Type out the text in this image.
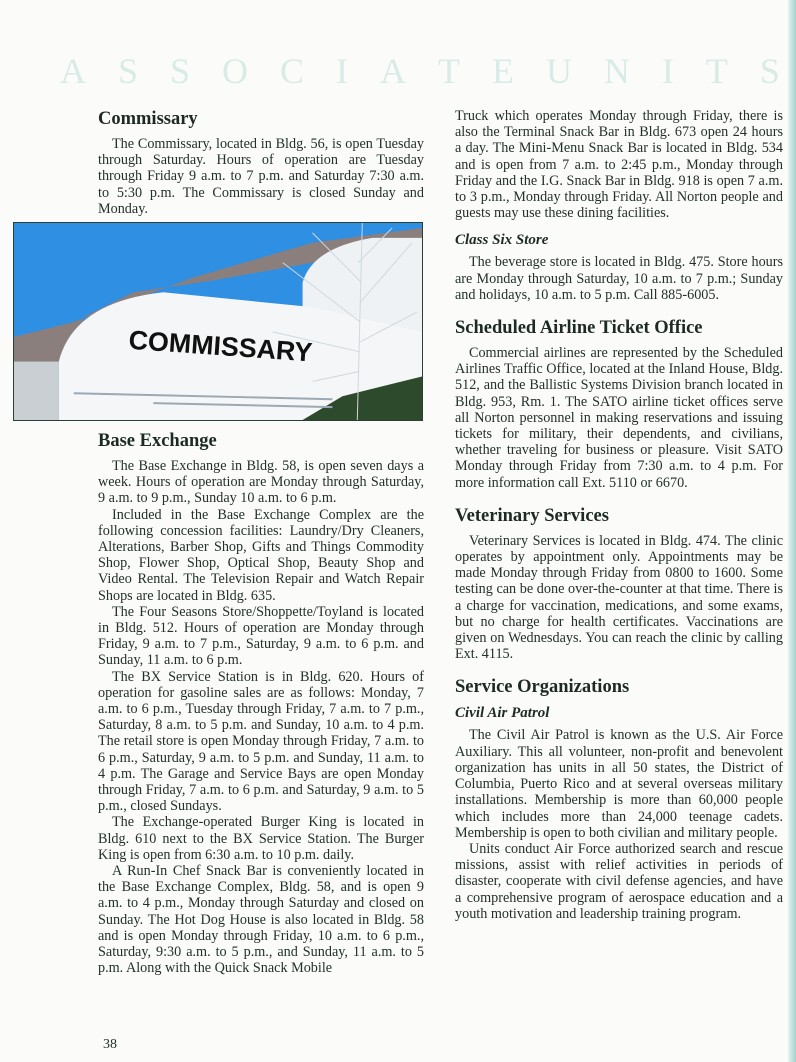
A S S O C I A T E U N I T S
Commissary

The Commissary, located in Bldg. 56, is open Tuesday through Saturday. Hours of operation are Tuesday through Friday 9 a.m. to 7 p.m. and Saturday 7:30 a.m. to 5:30 p.m. The Commissary is closed Sunday and Monday.

COMMISSARY
Base Exchange

The Base Exchange in Bldg. 58, is open seven days a week. Hours of operation are Monday through Saturday, 9 a.m. to 9 p.m., Sunday 10 a.m. to 6 p.m.

Included in the Base Exchange Complex are the following concession facilities: Laundry/Dry Cleaners, Alterations, Barber Shop, Gifts and Things Commodity Shop, Flower Shop, Optical Shop, Beauty Shop and Video Rental. The Television Repair and Watch Repair Shops are located in Bldg. 635.

The Four Seasons Store/Shoppette/Toyland is located in Bldg. 512. Hours of operation are Monday through Friday, 9 a.m. to 7 p.m., Saturday, 9 a.m. to 6 p.m. and Sunday, 11 a.m. to 6 p.m.

The BX Service Station is in Bldg. 620. Hours of operation for gasoline sales are as follows: Monday, 7 a.m. to 6 p.m., Tuesday through Friday, 7 a.m. to 7 p.m., Saturday, 8 a.m. to 5 p.m. and Sunday, 10 a.m. to 4 p.m. The retail store is open Monday through Friday, 7 a.m. to 6 p.m., Saturday, 9 a.m. to 5 p.m. and Sunday, 11 a.m. to 4 p.m. The Garage and Service Bays are open Monday through Friday, 7 a.m. to 6 p.m. and Saturday, 9 a.m. to 5 p.m., closed Sundays.

The Exchange-operated Burger King is located in Bldg. 610 next to the BX Service Station. The Burger King is open from 6:30 a.m. to 10 p.m. daily.

A Run-In Chef Snack Bar is conveniently located in the Base Exchange Complex, Bldg. 58, and is open 9 a.m. to 4 p.m., Monday through Saturday and closed on Sunday. The Hot Dog House is also located in Bldg. 58 and is open Monday through Friday, 10 a.m. to 6 p.m., Saturday, 9:30 a.m. to 5 p.m., and Sunday, 11 a.m. to 5 p.m. Along with the Quick Snack Mobile

Truck which operates Monday through Friday, there is also the Terminal Snack Bar in Bldg. 673 open 24 hours a day. The Mini-Menu Snack Bar is located in Bldg. 534 and is open from 7 a.m. to 2:45 p.m., Monday through Friday and the I.G. Snack Bar in Bldg. 918 is open 7 a.m. to 3 p.m., Monday through Friday. All Norton people and guests may use these dining facilities.

Class Six Store

The beverage store is located in Bldg. 475. Store hours are Monday through Saturday, 10 a.m. to 7 p.m.; Sunday and holidays, 10 a.m. to 5 p.m. Call 885-6005.

Scheduled Airline Ticket Office

Commercial airlines are represented by the Scheduled Airlines Traffic Office, located at the Inland House, Bldg. 512, and the Ballistic Systems Division branch located in Bldg. 953, Rm. 1. The SATO airline ticket offices serve all Norton personnel in making reservations and issuing tickets for military, their dependents, and civilians, whether traveling for business or pleasure. Visit SATO Monday through Friday from 7:30 a.m. to 4 p.m. For more information call Ext. 5110 or 6670.

Veterinary Services

Veterinary Services is located in Bldg. 474. The clinic operates by appointment only. Appointments may be made Monday through Friday from 0800 to 1600. Some testing can be done over-the-counter at that time. There is a charge for vaccination, medications, and some exams, but no charge for health certificates. Vaccinations are given on Wednesdays. You can reach the clinic by calling Ext. 4115.

Service Organizations
Civil Air Patrol

The Civil Air Patrol is known as the U.S. Air Force Auxiliary. This all volunteer, non-profit and benevolent organization has units in all 50 states, the District of Columbia, Puerto Rico and at several overseas military installations. Membership is more than 60,000 people which includes more than 24,000 teenage cadets. Membership is open to both civilian and military people.

Units conduct Air Force authorized search and rescue missions, assist with relief activities in periods of disaster, cooperate with civil defense agencies, and have a comprehensive program of aerospace education and a youth motivation and leadership training program.

38
